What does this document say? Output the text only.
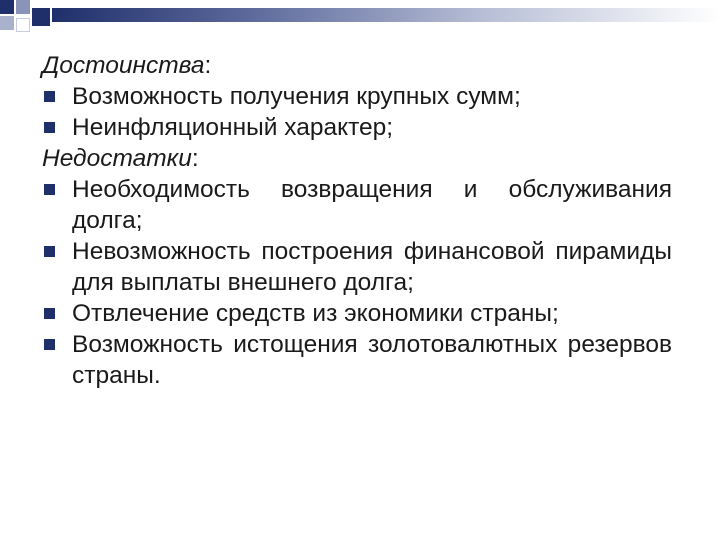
Достоинства:

Возможность получения крупных сумм;
Неинфляционный характер;

Недостатки:

Необходимость возвращения и обслуживания долга;
Невозможность построения финансовой пирамиды для выплаты внешнего долга;
Отвлечение средств из экономики страны;
Возможность истощения золотовалютных резервов страны.
